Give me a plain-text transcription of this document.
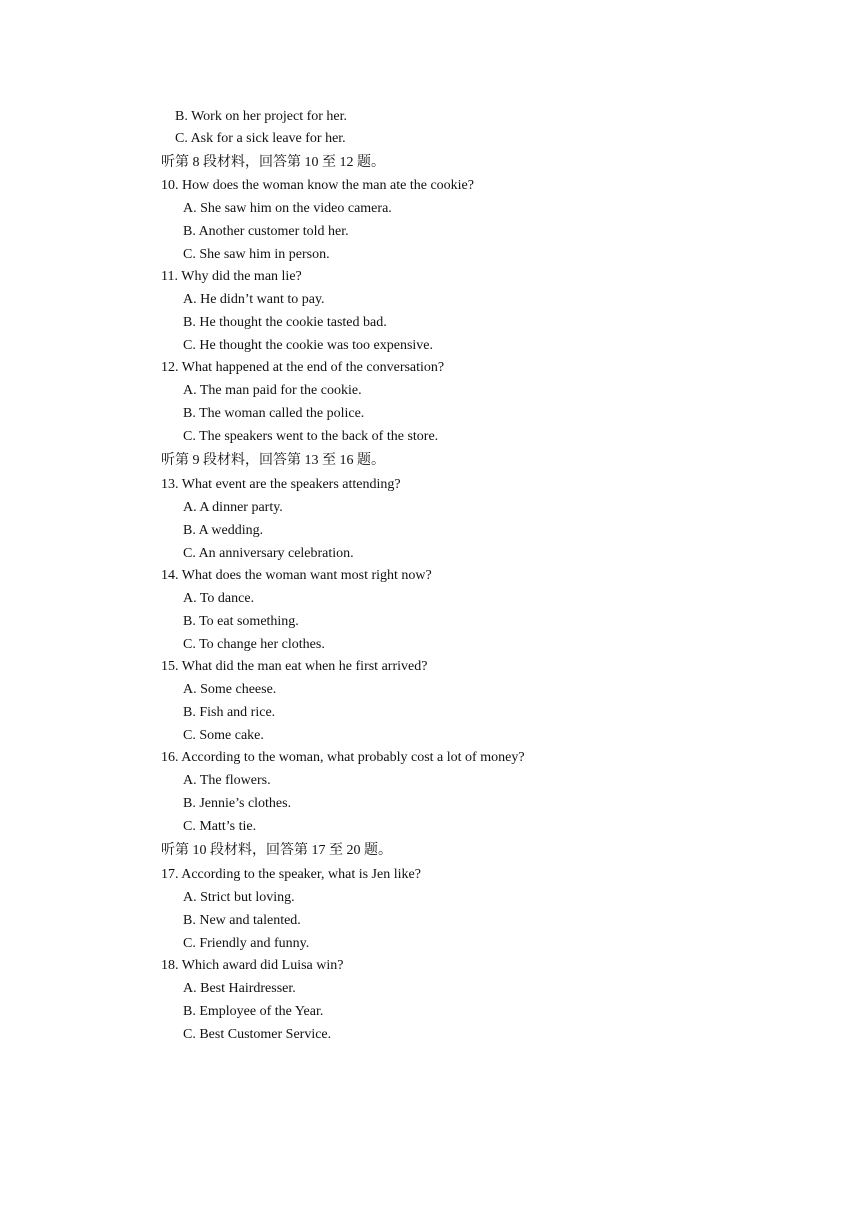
B. Work on her project for her.
C. Ask for a sick leave for her.
听第 8 段材料，回答第 10 至 12 题。
10. How does the woman know the man ate the cookie?
A. She saw him on the video camera.
B. Another customer told her.
C. She saw him in person.
11. Why did the man lie?
A. He didn’t want to pay.
B. He thought the cookie tasted bad.
C. He thought the cookie was too expensive.
12. What happened at the end of the conversation?
A. The man paid for the cookie.
B. The woman called the police.
C. The speakers went to the back of the store.
听第 9 段材料，回答第 13 至 16 题。
13. What event are the speakers attending?
A. A dinner party.
B. A wedding.
C. An anniversary celebration.
14. What does the woman want most right now?
A. To dance.
B. To eat something.
C. To change her clothes.
15. What did the man eat when he first arrived?
A. Some cheese.
B. Fish and rice.
C. Some cake.
16. According to the woman, what probably cost a lot of money?
A. The flowers.
B. Jennie’s clothes.
C. Matt’s tie.
听第 10 段材料，回答第 17 至 20 题。
17. According to the speaker, what is Jen like?
A. Strict but loving.
B. New and talented.
C. Friendly and funny.
18. Which award did Luisa win?
A. Best Hairdresser.
B. Employee of the Year.
C. Best Customer Service.
